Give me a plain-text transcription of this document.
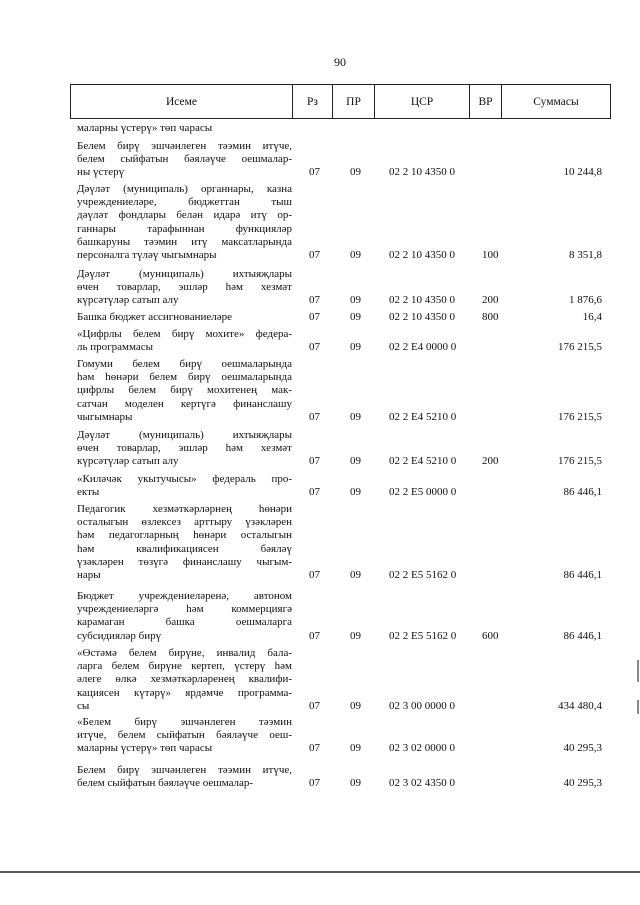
90
Исеме	Рз	ПР	ЦСР	ВР	Суммасы
маларны үстерү» төп чарасы
Белем бирү эшчәнлеген тәэмин итүче,
белем сыйфатын бәяләүче оешмалар-
ны үстерү	07	09	02 2 10 4350 0	10 244,8
Дәүләт (муниципаль) органнары, казна
учреждениеләре, бюджеттан тыш
дәүләт фондлары белән идарә итү ор-
ганнары тарафыннан функцияләр
башкаруны тәэмин итү максатларында
персоналга түләү чыгымнары	07	09	02 2 10 4350 0 100	8 351,8
Дәүләт (муниципаль) ихтыяҗлары
өчен товарлар, эшләр һәм хезмәт
күрсәтүләр сатып алу	07	09	02 2 10 4350 0 200	1 876,6
Башка бюджет ассигнованиеләре	07	09	02 2 10 4350 0 800	16,4
«Цифрлы белем бирү мохите» федера-
ль программасы	07	09	02 2 E4 0000 0	176 215,5
Гомуми белем бирү оешмаларында
һәм һөнәри белем бирү оешмаларында
цифрлы белем бирү мохитенең мак-
сатчан моделен кертүгә финанслашу
чыгымнары	07	09	02 2 E4 5210 0	176 215,5
Дәүләт (муниципаль) ихтыяҗлары
өчен товарлар, эшләр һәм хезмәт
күрсәтүләр сатып алу	07	09	02 2 E4 5210 0 200	176 215,5
«Киләчәк укытучысы» федераль про-
екты	07	09	02 2 E5 0000 0	86 446,1
Педагогик хезмәткәрләрнең һөнәри
осталыгын өзлексез арттыру үзәкләрен
һәм педагогларның һөнәри осталыгын
һәм квалификациясен бәяләү
үзәкләрен төзүгә финанслашу чыгым-
нары	07	09	02 2 E5 5162 0	86 446,1
Бюджет учреждениеләренә, автоном
учреждениеләргә һәм коммерциягә
карамаган башка оешмаларга
субсидияләр бирү	07	09	02 2 E5 5162 0 600	86 446,1
«Өстәмә белем бирүне, инвалид бала-
ларга белем бирүне кертеп, үстерү һәм
әлеге өлкә хезмәткәрләренең квалифи-
кациясен күтәрү» ярдәмче программа-
сы	07	09	02 3 00 0000 0	434 480,4
«Белем бирү эшчәнлеген тәэмин
итүче, белем сыйфатын бәяләүче оеш-
маларны үстерү» төп чарасы	07	09	02 3 02 0000 0	40 295,3
Белем бирү эшчәнлеген тәэмин итүче,
белем сыйфатын бәяләүче оешмалар-	07	09	02 3 02 4350 0	40 295,3
